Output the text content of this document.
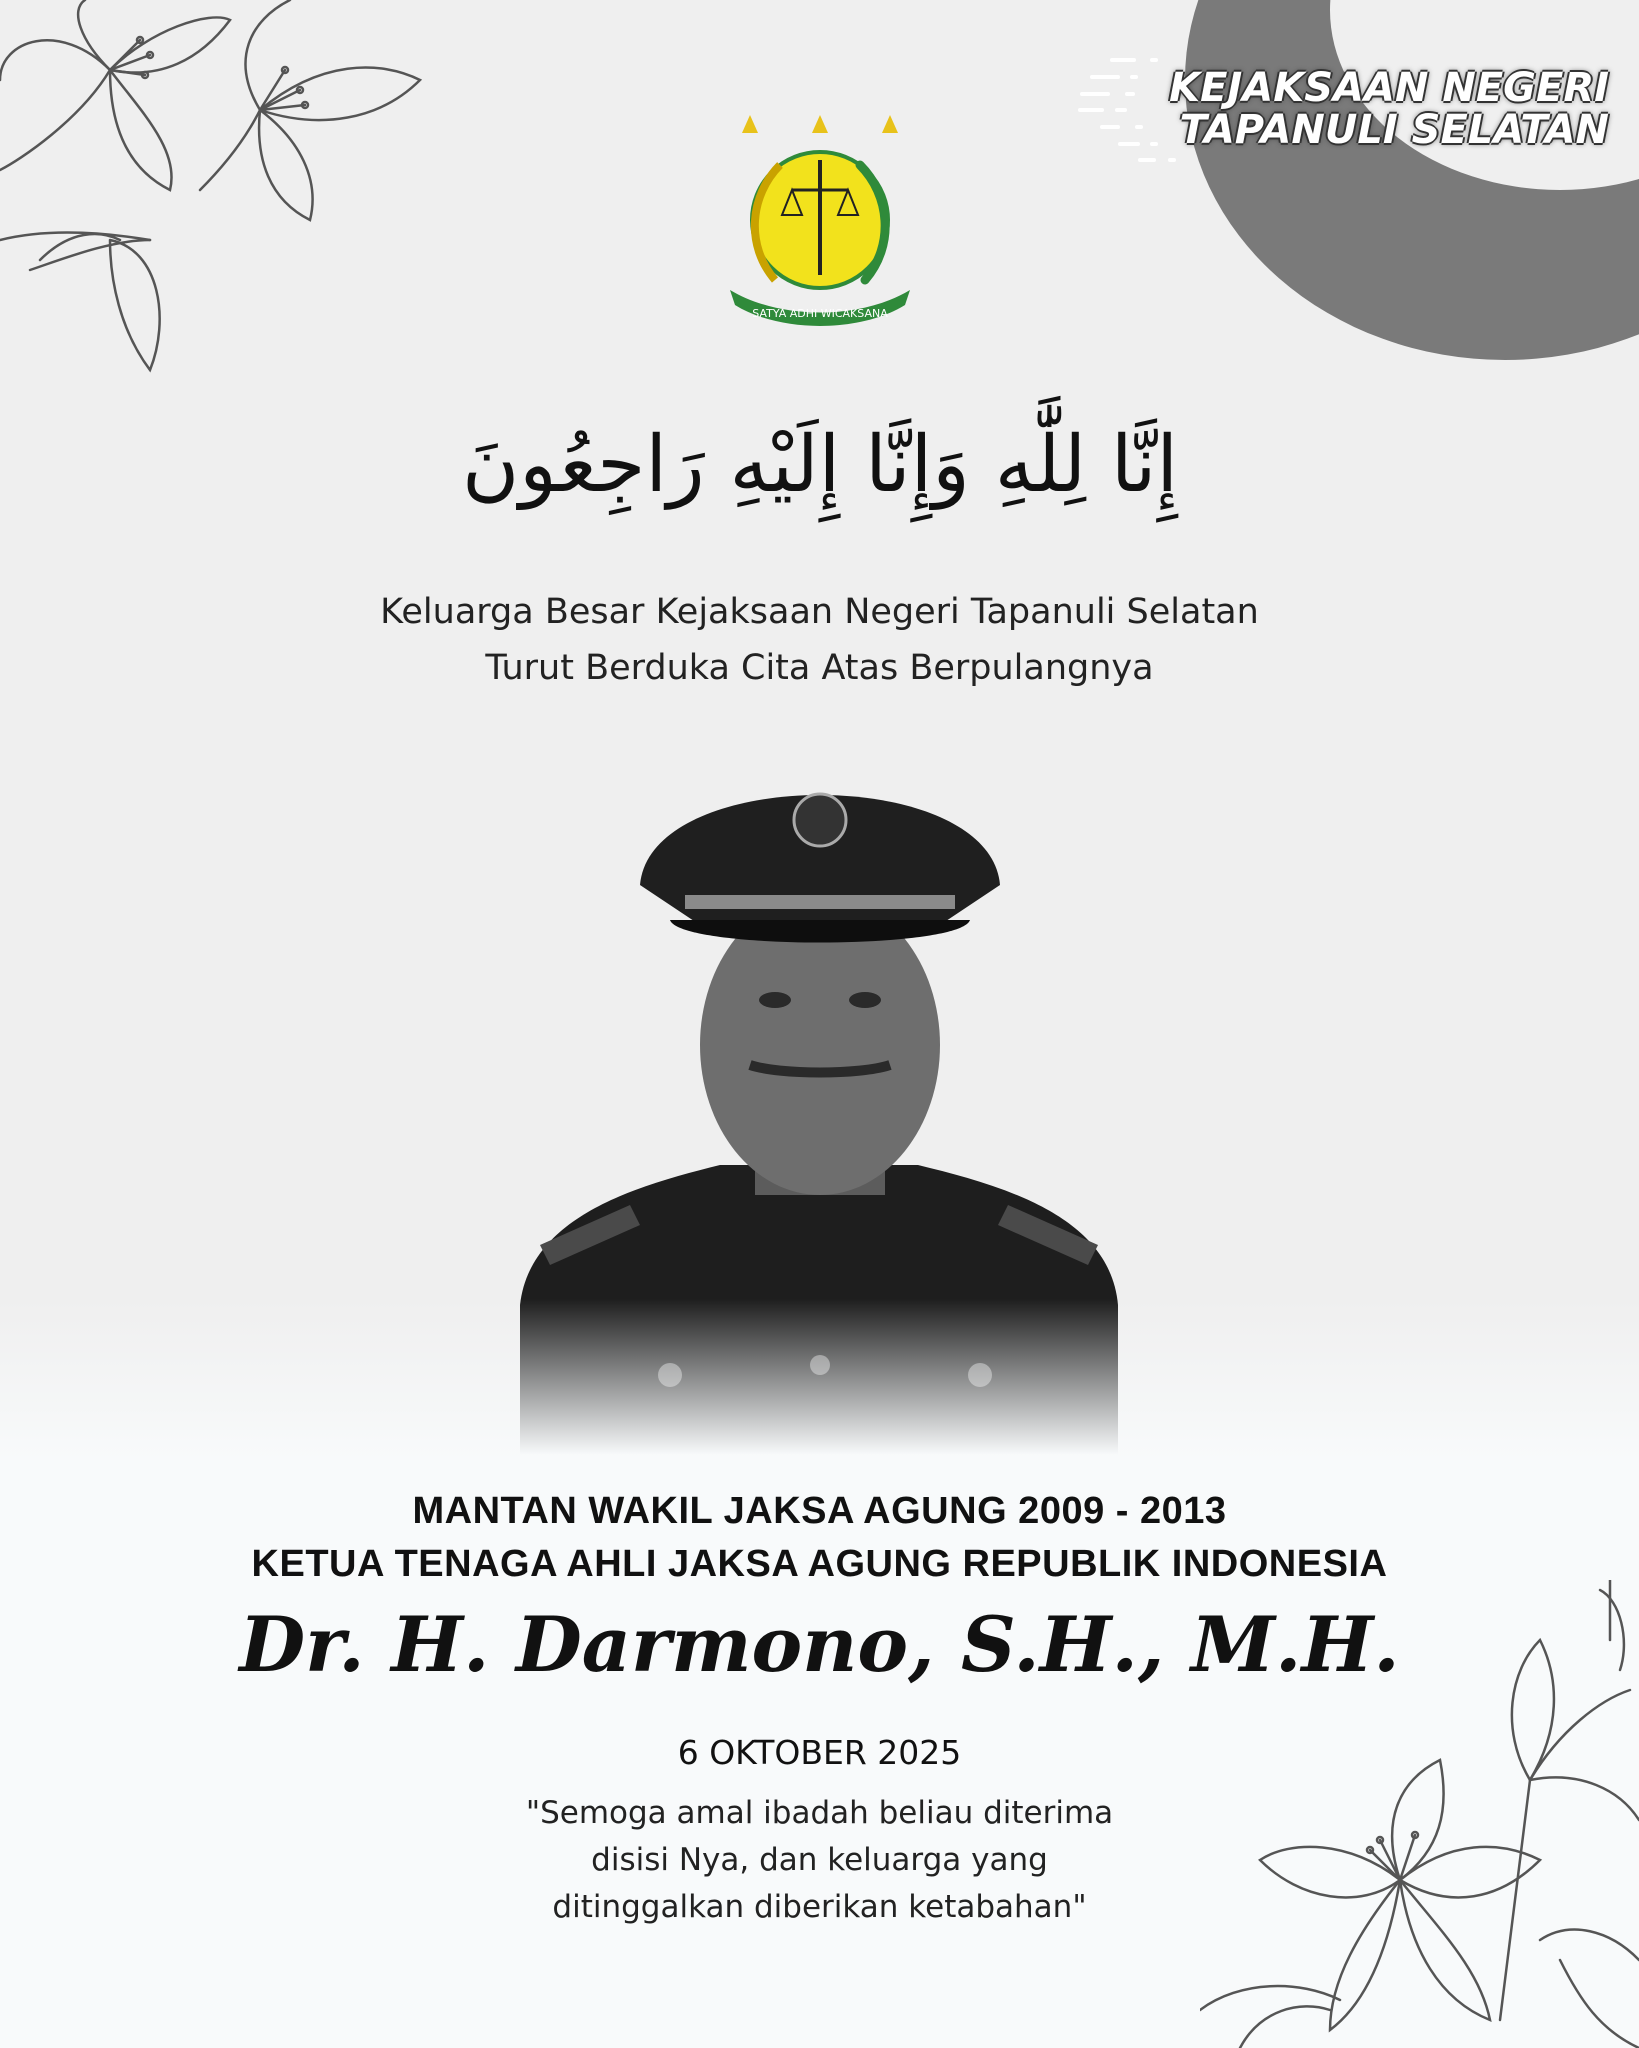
KEJAKSAAN NEGERI
TAPANULI SELATAN
SATYA ADHI WICAKSANA
إِنَّا لِلَّٰهِ وَإِنَّا إِلَيْهِ رَاجِعُونَ
Keluarga Besar Kejaksaan Negeri Tapanuli Selatan
Turut Berduka Cita Atas Berpulangnya
MANTAN WAKIL JAKSA AGUNG 2009 - 2013
KETUA TENAGA AHLI JAKSA AGUNG REPUBLIK INDONESIA
Dr. H. Darmono, S.H., M.H.
6 OKTOBER 2025
"Semoga amal ibadah beliau diterima
disisi Nya, dan keluarga yang
ditinggalkan diberikan ketabahan"
